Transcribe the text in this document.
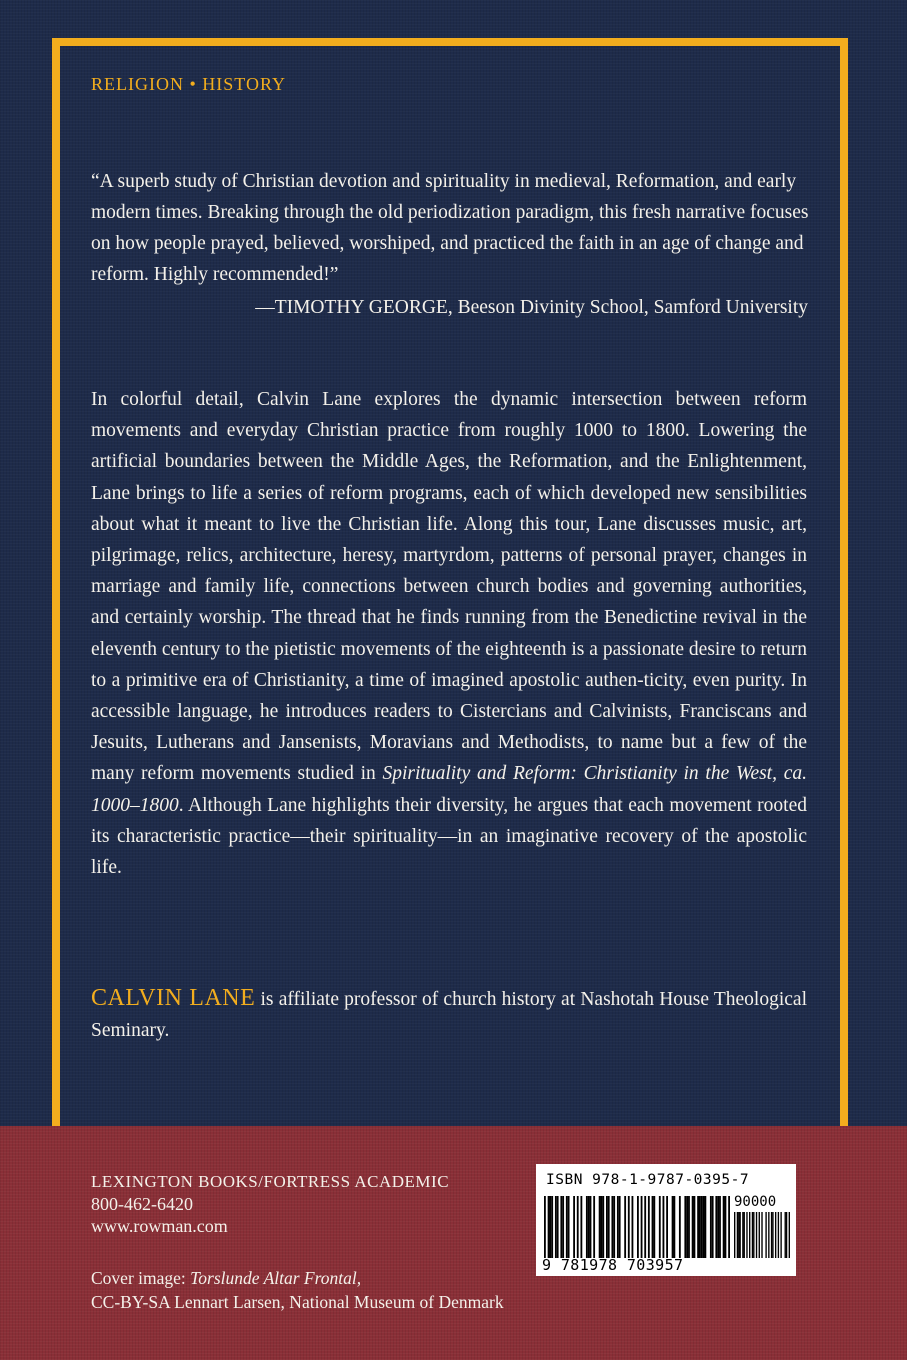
RELIGION • HISTORY
“A superb study of Christian devotion and spirituality in medieval, Reformation, and early modern times. Breaking through the old periodization paradigm, this fresh narrative focuses on how people prayed, believed, worshiped, and practiced the faith in an age of change and reform. Highly recommended!”
—TIMOTHY GEORGE, Beeson Divinity School, Samford University
In colorful detail, Calvin Lane explores the dynamic intersection between reform movements and everyday Christian practice from roughly 1000 to 1800. Lowering the artificial boundaries between the Middle Ages, the Reformation, and the Enlightenment, Lane brings to life a series of reform programs, each of which developed new sensibilities about what it meant to live the Christian life. Along this tour, Lane discusses music, art, pilgrimage, relics, architecture, heresy, martyrdom, patterns of personal prayer, changes in marriage and family life, connections between church bodies and governing authorities, and certainly worship. The thread that he finds running from the Benedictine revival in the eleventh century to the pietistic movements of the eighteenth is a passionate desire to return to a primitive era of Christianity, a time of imagined apostolic authen-ticity, even purity. In accessible language, he introduces readers to Cistercians and Calvinists, Franciscans and Jesuits, Lutherans and Jansenists, Moravians and Methodists, to name but a few of the many reform movements studied in Spirituality and Reform: Christianity in the West, ca. 1000–1800. Although Lane highlights their diversity, he argues that each movement rooted its characteristic practice—their spirituality—in an imaginative recovery of the apostolic life.
CALVIN LANE is affiliate professor of church history at Nashotah House Theological Seminary.
LEXINGTON BOOKS/FORTRESS ACADEMIC
800-462-6420
www.rowman.com
Cover image: Torslunde Altar Frontal,
CC-BY-SA Lennart Larsen, National Museum of Denmark
ISBN 978-1-9787-0395-7
9 781978 703957
90000
